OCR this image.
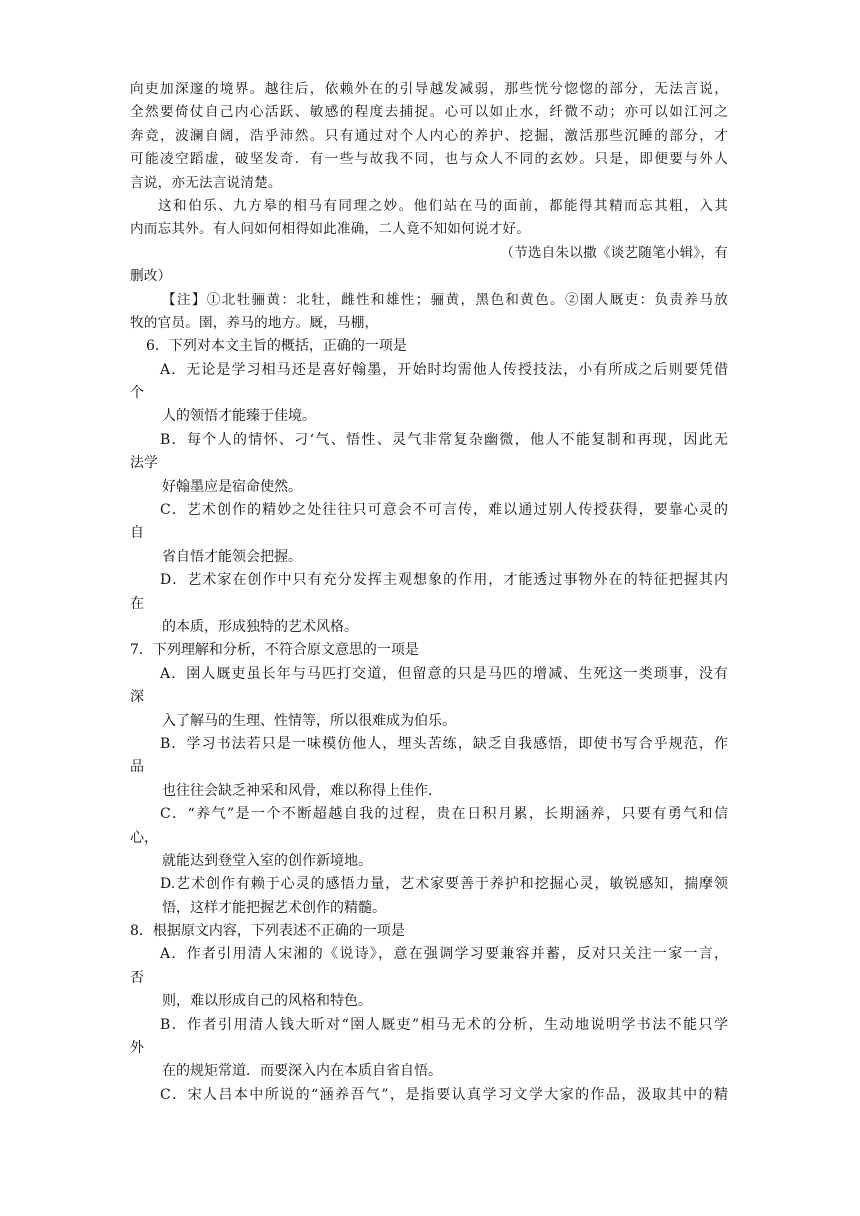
向吏加深邃的境界。越往后，依赖外在的引导越发减弱，那些恍兮惚惚的部分，无法言说，
全然要倚仗自己内心活跃、敏感的程度去捕捉。心可以如止水，纤微不动；亦可以如江河之
奔竞，波澜自阔，浩乎沛然。只有通过对个人内心的养护、挖掘，激活那些沉睡的部分，才
可能凌空蹈虚，破坚发奇．有一些与故我不同，也与众人不同的玄妙。只是，即便要与外人
言说，亦无法言说清楚。
这和伯乐、九方皋的相马有同理之妙。他们站在马的面前，都能得其精而忘其粗，入其
内而忘其外。有人问如何相得如此准确，二人竟不知如何说才好。
（节选自朱以撒《谈艺随笔小辑》，有
删改）
【注】①北牡骊黄：北牡，雌性和雄性；骊黄，黑色和黄色。②圉人厩吏：负责养马放
牧的官员。圉，养马的地方。厩，马棚，
6．下列对本文主旨的概括，正确的一项是
A．无论是学习相马还是喜好翰墨，开始时均需他人传授技法，小有所成之后则要凭借
个
人的领悟才能臻于佳境。
B．每个人的情怀、刁‘气、悟性、灵气非常复杂幽微，他人不能复制和再现，因此无
法学
好翰墨应是宿命使然。
C．艺术创作的精妙之处往往只可意会不可言传，难以通过别人传授获得，要靠心灵的
自
省自悟才能领会把握。
D．艺术家在创作中只有充分发挥主观想象的作用，才能透过事物外在的特征把握其内
在
的本质，形成独特的艺术风格。
7．下列理解和分析，不符合原文意思的一项是
A．圉人厩吏虽长年与马匹打交道，但留意的只是马匹的增减、生死这一类琐事，没有
深
入了解马的生理、性情等，所以很难成为伯乐。
B．学习书法若只是一味模仿他人，埋头苦练，缺乏自我感悟，即使书写合乎规范，作
品
也往往会缺乏神采和风骨，难以称得上佳作．
C．“养气”是一个不断超越自我的过程，贵在日积月累，长期涵养，只要有勇气和信
心，
就能达到登堂入室的创作新境地。
D.艺术创作有赖于心灵的感悟力量，艺术家要善于养护和挖掘心灵，敏锐感知，揣摩领
悟，这样才能把握艺术创作的精髓。
8．根据原文内容，下列表述不正确的一项是
A．作者引用清人宋湘的《说诗》，意在强调学习要兼容并蓄，反对只关注一家一言，
否
则，难以形成自己的风格和特色。
B．作者引用清人钱大昕对“圉人厩吏”相马无术的分析，生动地说明学书法不能只学
外
在的规矩常道．而要深入内在本质自省自悟。
C．宋人吕本中所说的“涵养吾气”，是指要认真学习文学大家的作品，汲取其中的精
